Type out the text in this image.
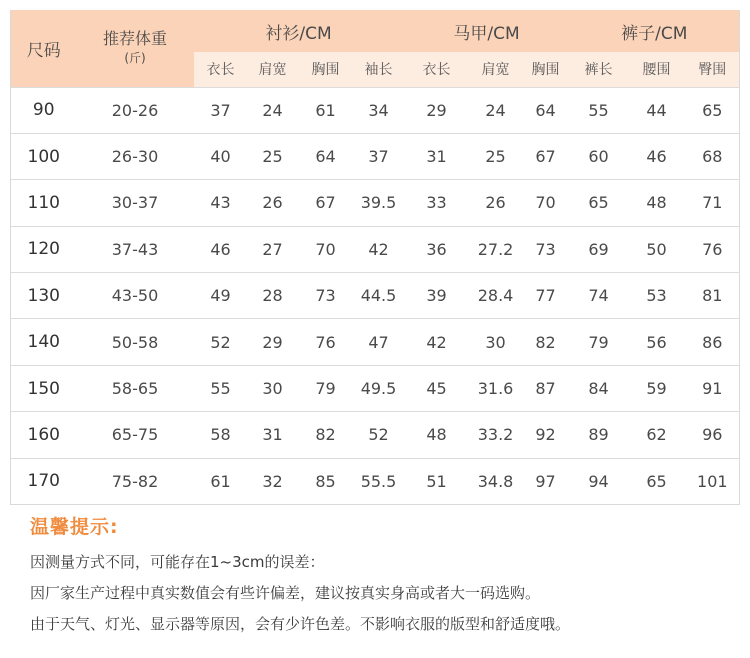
尺码	推荐体重
(斤)	衬衫/CM				马甲/CM			裤子/CM		
		衣长	肩宽	胸围	袖长	衣长	肩宽	胸围	裤长	腰围	臀围
90	20-26	37	24	61	34	29	24	64	55	44	65
100	26-30	40	25	64	37	31	25	67	60	46	68
110	30-37	43	26	67	39.5	33	26	70	65	48	71
120	37-43	46	27	70	42	36	27.2	73	69	50	76
130	43-50	49	28	73	44.5	39	28.4	77	74	53	81
140	50-58	52	29	76	47	42	30	82	79	56	86
150	58-65	55	30	79	49.5	45	31.6	87	84	59	91
160	65-75	58	31	82	52	48	33.2	92	89	62	96
170	75-82	61	32	85	55.5	51	34.8	97	94	65	101
温馨提示:
因测量方式不同，可能存在1~3cm的误差：
因厂家生产过程中真实数值会有些许偏差，建议按真实身高或者大一码选购。
由于天气、灯光、显示器等原因，会有少许色差。不影响衣服的版型和舒适度哦。
